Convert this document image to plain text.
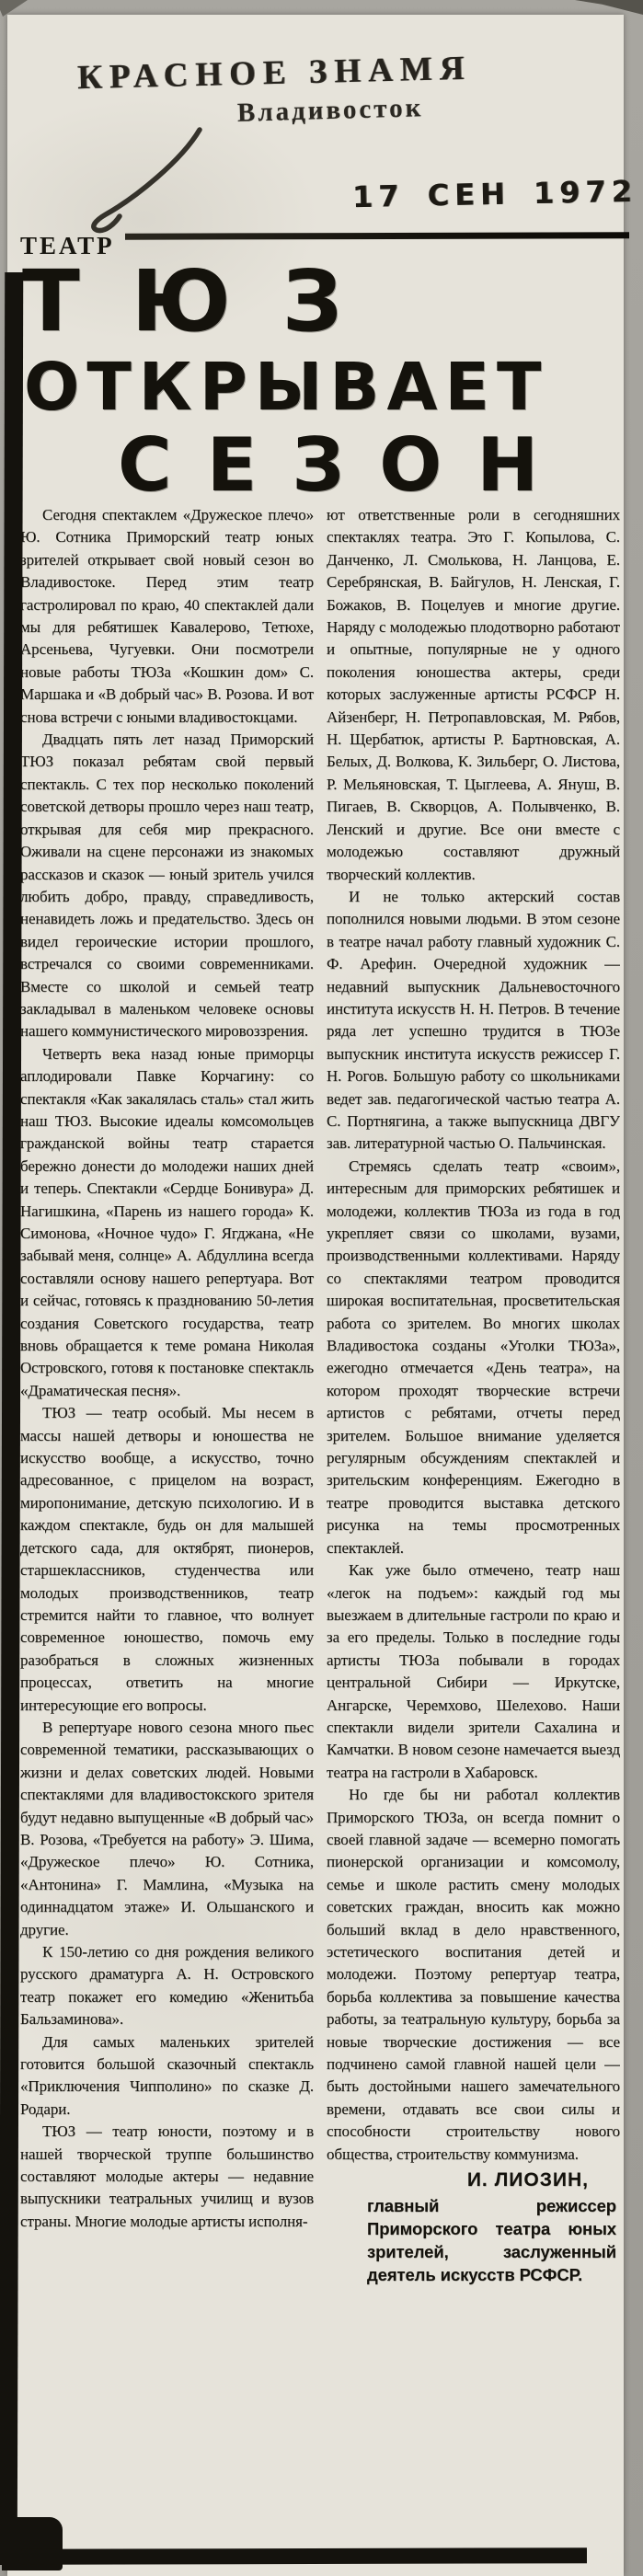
КРАСНОЕ ЗНАМЯ
Владивосток
17 СЕН 1972
ТЕАТР
ТЮЗ
ОТКРЫВАЕТ
СЕЗОН

Сегодня спектаклем «Дружеское плечо» Ю. Сотника Приморский театр юных зрителей открывает свой новый сезон во Владивостоке. Перед этим театр гастролировал по краю, 40 спектаклей дали мы для ребятишек Кавалерово, Тетюхе, Арсеньева, Чугуевки. Они посмотрели новые работы ТЮЗа «Кошкин дом» С. Маршака и «В добрый час» В. Розова. И вот снова встречи с юными владивостокцами.

Двадцать пять лет назад Приморский ТЮЗ показал ребятам свой первый спектакль. С тех пор несколько поколений советской детворы прошло через наш театр, открывая для себя мир прекрасного. Оживали на сцене персонажи из знакомых рассказов и сказок — юный зритель учился любить добро, правду, справедливость, ненавидеть ложь и предательство. Здесь он видел героические истории прошлого, встречался со своими современниками. Вместе со школой и семьей театр закладывал в маленьком человеке основы нашего коммунистического мировоззрения.

Четверть века назад юные приморцы аплодировали Павке Корчагину: со спектакля «Как закалялась сталь» стал жить наш ТЮЗ. Высокие идеалы комсомольцев гражданской войны театр старается бережно донести до молодежи наших дней и теперь. Спектакли «Сердце Бонивура» Д. Нагишкина, «Парень из нашего города» К. Симонова, «Ночное чудо» Г. Ягджана, «Не забывай меня, солнце» А. Абдуллина всегда составляли основу нашего репертуара. Вот и сейчас, готовясь к празднованию 50-летия создания Советского государства, театр вновь обращается к теме романа Николая Островского, готовя к постановке спектакль «Драматическая песня».

ТЮЗ — театр особый. Мы несем в массы нашей детворы и юношества не искусство вообще, а искусство, точно адресованное, с прицелом на возраст, миропонимание, детскую психологию. И в каждом спектакле, будь он для малышей детского сада, для октябрят, пионеров, старшеклассников, студенчества или молодых производственников, театр стремится найти то главное, что волнует современное юношество, помочь ему разобраться в сложных жизненных процессах, ответить на многие интересующие его вопросы.

В репертуаре нового сезона много пьес современной тематики, рассказывающих о жизни и делах советских людей. Новыми спектаклями для владивостокского зрителя будут недавно выпущенные «В добрый час» В. Розова, «Требуется на работу» Э. Шима, «Дружеское плечо» Ю. Сотника, «Антонина» Г. Мамлина, «Музыка на одиннадцатом этаже» И. Ольшанского и другие.

К 150-летию со дня рождения великого русского драматурга А. Н. Островского театр покажет его комедию «Женитьба Бальзаминова».

Для самых маленьких зрителей готовится большой сказочный спектакль «Приключения Чипполино» по сказке Д. Родари.

ТЮЗ — театр юности, поэтому и в нашей творческой труппе большинство составляют молодые актеры — недавние выпускники театральных училищ и вузов страны. Многие молодые артисты исполня-

ют ответственные роли в сегодняшних спектаклях театра. Это Г. Копылова, С. Данченко, Л. Смолькова, Н. Ланцова, Е. Серебрянская, В. Байгулов, Н. Ленская, Г. Божаков, В. Поцелуев и многие другие. Наряду с молодежью плодотворно работают и опытные, популярные не у одного поколения юношества актеры, среди которых заслуженные артисты РСФСР Н. Айзенберг, Н. Петропавловская, М. Рябов, Н. Щербатюк, артисты Р. Бартновская, А. Белых, Д. Волкова, К. Зильберг, О. Листова, Р. Мельяновская, Т. Цыглеева, А. Януш, В. Пигаев, В. Скворцов, А. Полывченко, В. Ленский и другие. Все они вместе с молодежью составляют дружный творческий коллектив.

И не только актерский состав пополнился новыми людьми. В этом сезоне в театре начал работу главный художник С. Ф. Арефин. Очередной художник — недавний выпускник Дальневосточного института искусств Н. Н. Петров. В течение ряда лет успешно трудится в ТЮЗе выпускник института искусств режиссер Г. Н. Рогов. Большую работу со школьниками ведет зав. педагогической частью театра А. С. Портнягина, а также выпускница ДВГУ зав. литературной частью О. Пальчинская.

Стремясь сделать театр «своим», интересным для приморских ребятишек и молодежи, коллектив ТЮЗа из года в год укрепляет связи со школами, вузами, производственными коллективами. Наряду со спектаклями театром проводится широкая воспитательная, просветительская работа со зрителем. Во многих школах Владивостока созданы «Уголки ТЮЗа», ежегодно отмечается «День театра», на котором проходят творческие встречи артистов с ребятами, отчеты перед зрителем. Большое внимание уделяется регулярным обсуждениям спектаклей и зрительским конференциям. Ежегодно в театре проводится выставка детского рисунка на темы просмотренных спектаклей.

Как уже было отмечено, театр наш «легок на подъем»: каждый год мы выезжаем в длительные гастроли по краю и за его пределы. Только в последние годы артисты ТЮЗа побывали в городах центральной Сибири — Иркутске, Ангарске, Черемхово, Шелехово. Наши спектакли видели зрители Сахалина и Камчатки. В новом сезоне намечается выезд театра на гастроли в Хабаровск.

Но где бы ни работал коллектив Приморского ТЮЗа, он всегда помнит о своей главной задаче — всемерно помогать пионерской организации и комсомолу, семье и школе растить смену молодых советских граждан, вносить как можно больший вклад в дело нравственного, эстетического воспитания детей и молодежи. Поэтому репертуар театра, борьба коллектива за повышение качества работы, за театральную культуру, борьба за новые творческие достижения — все подчинено самой главной нашей цели — быть достойными нашего замечательного времени, отдавать все свои силы и способности строительству нового общества, строительству коммунизма.

И. ЛИОЗИН,
главный режиссер Приморского театра юных зрителей, заслуженный деятель искусств РСФСР.
